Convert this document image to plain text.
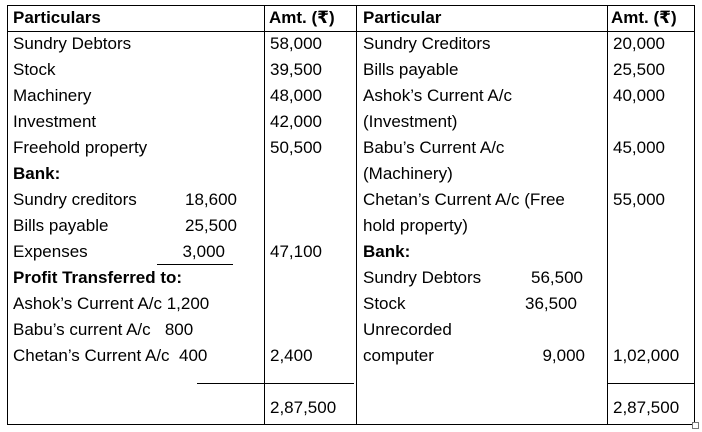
Particulars	Amt. (₹) Particular	Amt. (₹)
Sundry Debtors
Stock
Machinery
Investment
Freehold property
Bank:
Sundry creditors
Bills payable
Expenses
Profit Transferred to:
Ashok’s Current A/c 1,200
Babu’s current A/c   800
Chetan’s Current A/c  400
18,600
25,500
3,000
58,000
39,500
48,000
42,000
50,500
47,100
2,400
2,87,500
Sundry Creditors
Bills payable
Ashok’s Current A/c
(Investment)
Babu’s Current A/c
(Machinery)
Chetan’s Current A/c (Free
hold property)
Bank:
Sundry Debtors
Stock
Unrecorded
computer
56,500
36,500
9,000
20,000
25,500
40,000
45,000
55,000
1,02,000
2,87,500
